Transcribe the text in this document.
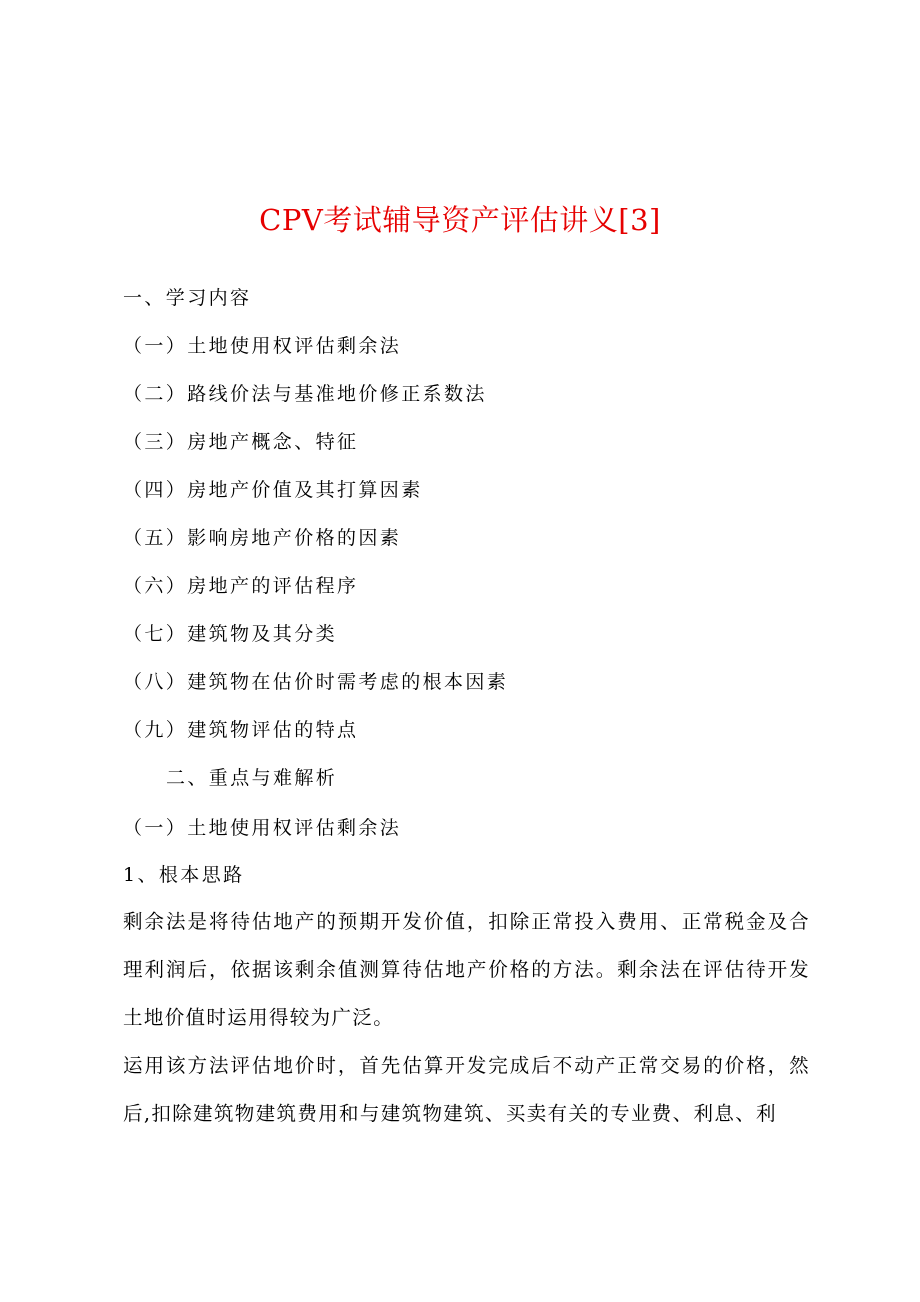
CPV考试辅导资产评估讲义[3]
一、学习内容
（一）土地使用权评估剩余法
（二）路线价法与基准地价修正系数法
（三）房地产概念、特征
（四）房地产价值及其打算因素
（五）影响房地产价格的因素
（六）房地产的评估程序
（七）建筑物及其分类
（八）建筑物在估价时需考虑的根本因素
（九）建筑物评估的特点
二、重点与难解析
（一）土地使用权评估剩余法
1、根本思路
剩余法是将待估地产的预期开发价值，扣除正常投入费用、正常税金及合理利润后，依据该剩余值测算待估地产价格的方法。剩余法在评估待开发土地价值时运用得较为广泛。
运用该方法评估地价时，首先估算开发完成后不动产正常交易的价格，然后,扣除建筑物建筑费用和与建筑物建筑、买卖有关的专业费、利息、利
